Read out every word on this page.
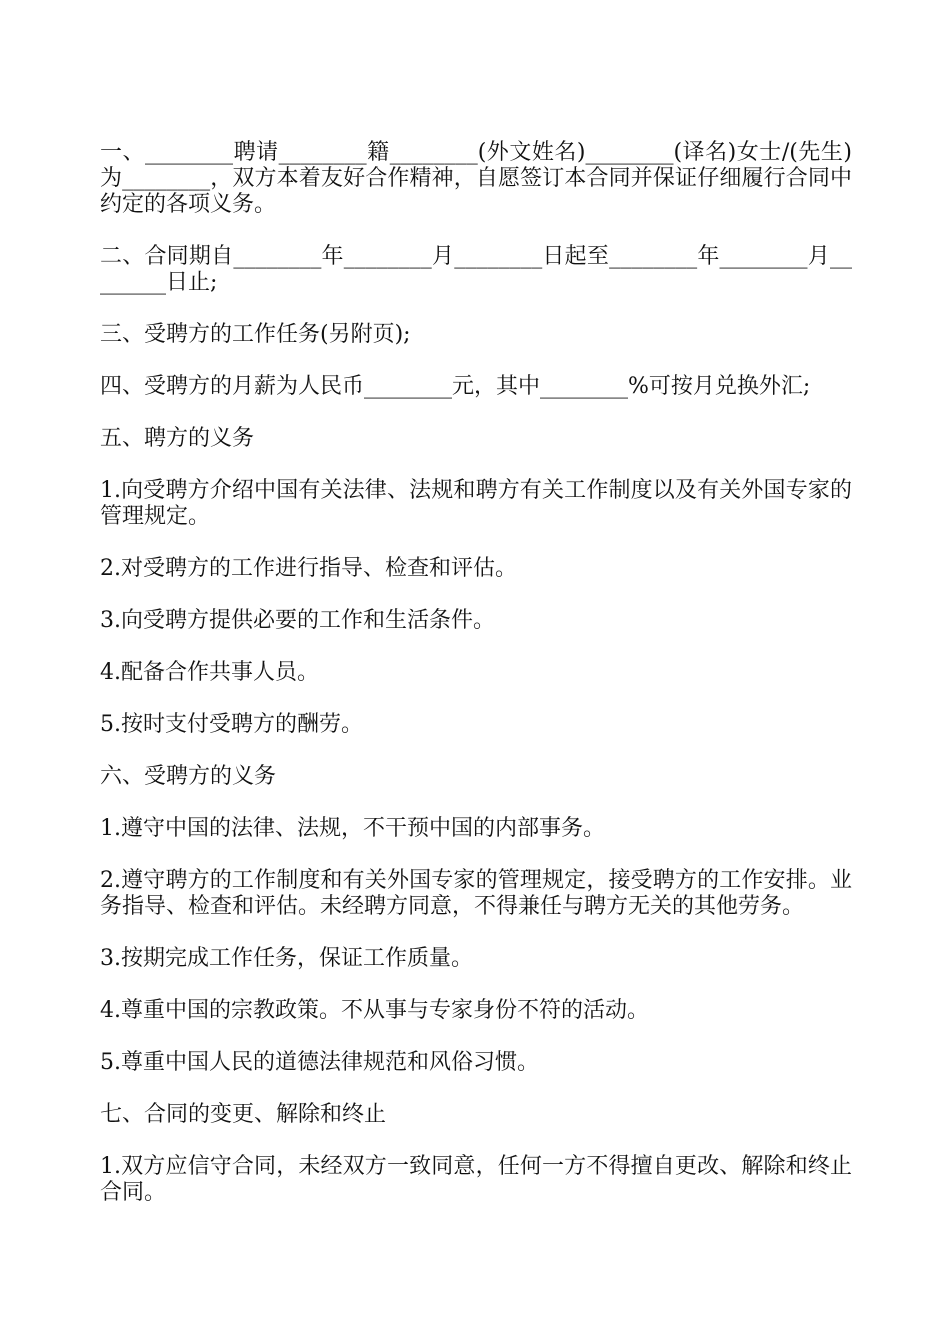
一、________聘请________籍________(外文姓名)________(译名)女士/(先生)为________，双方本着友好合作精神，自愿签订本合同并保证仔细履行合同中约定的各项义务。

二、合同期自________年________月________日起至________年________月________日止;

三、受聘方的工作任务(另附页);

四、受聘方的月薪为人民币________元，其中________%可按月兑换外汇;

五、聘方的义务

1.向受聘方介绍中国有关法律、法规和聘方有关工作制度以及有关外国专家的管理规定。

2.对受聘方的工作进行指导、检查和评估。

3.向受聘方提供必要的工作和生活条件。

4.配备合作共事人员。

5.按时支付受聘方的酬劳。

六、受聘方的义务

1.遵守中国的法律、法规，不干预中国的内部事务。

2.遵守聘方的工作制度和有关外国专家的管理规定，接受聘方的工作安排。业务指导、检查和评估。未经聘方同意，不得兼任与聘方无关的其他劳务。

3.按期完成工作任务，保证工作质量。

4.尊重中国的宗教政策。不从事与专家身份不符的活动。

5.尊重中国人民的道德法律规范和风俗习惯。

七、合同的变更、解除和终止

1.双方应信守合同，未经双方一致同意，任何一方不得擅自更改、解除和终止合同。
